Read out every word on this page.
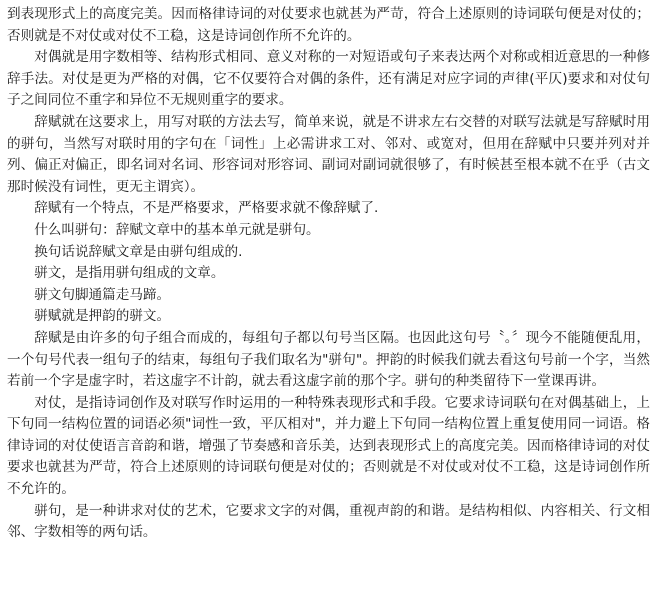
到表现形式上的高度完美。因而格律诗词的对仗要求也就甚为严苛，符合上述原则的诗词联句便是对仗的；否则就是不对仗或对仗不工稳，这是诗词创作所不允许的。

对偶就是用字数相等、结构形式相同、意义对称的一对短语或句子来表达两个对称或相近意思的一种修辞手法。对仗是更为严格的对偶，它不仅要符合对偶的条件，还有满足对应字词的声律(平仄)要求和对仗句子之间同位不重字和异位不无规则重字的要求。

辞赋就在这要求上，用写对联的方法去写，简单来说，就是不讲求左右交替的对联写法就是写辞赋时用的骈句，当然写对联时用的字句在「词性」上必需讲求工对、邻对、或宽对，但用在辞赋中只要并列对并列、偏正对偏正，即名词对名词、形容词对形容词、副词对副词就很够了，有时候甚至根本就不在乎（古文那时候没有词性，更无主谓宾）。

辞赋有一个特点，不是严格要求，严格要求就不像辞赋了.

什么叫骈句：辞赋文章中的基本单元就是骈句。

换句话说辞赋文章是由骈句组成的.

骈文，是指用骈句组成的文章。

骈文句脚通篇走马蹄。

骈赋就是押韵的骈文。

辞赋是由许多的句子组合而成的，每组句子都以句号当区隔。也因此这句号〝。〞现今不能随便乱用，一个句号代表一组句子的结束，每组句子我们取名为"骈句"。押韵的时候我们就去看这句号前一个字，当然若前一个字是虚字时，若这虚字不计韵，就去看这虚字前的那个字。骈句的种类留待下一堂课再讲。

对仗，是指诗词创作及对联写作时运用的一种特殊表现形式和手段。它要求诗词联句在对偶基础上，上下句同一结构位置的词语必须"词性一致，平仄相对"，并力避上下句同一结构位置上重复使用同一词语。格律诗词的对仗使语言音韵和谐，增强了节奏感和音乐美，达到表现形式上的高度完美。因而格律诗词的对仗要求也就甚为严苛，符合上述原则的诗词联句便是对仗的；否则就是不对仗或对仗不工稳，这是诗词创作所不允许的。

骈句，是一种讲求对仗的艺术，它要求文字的对偶，重视声韵的和谐。是结构相似、内容相关、行文相邻、字数相等的两句话。
